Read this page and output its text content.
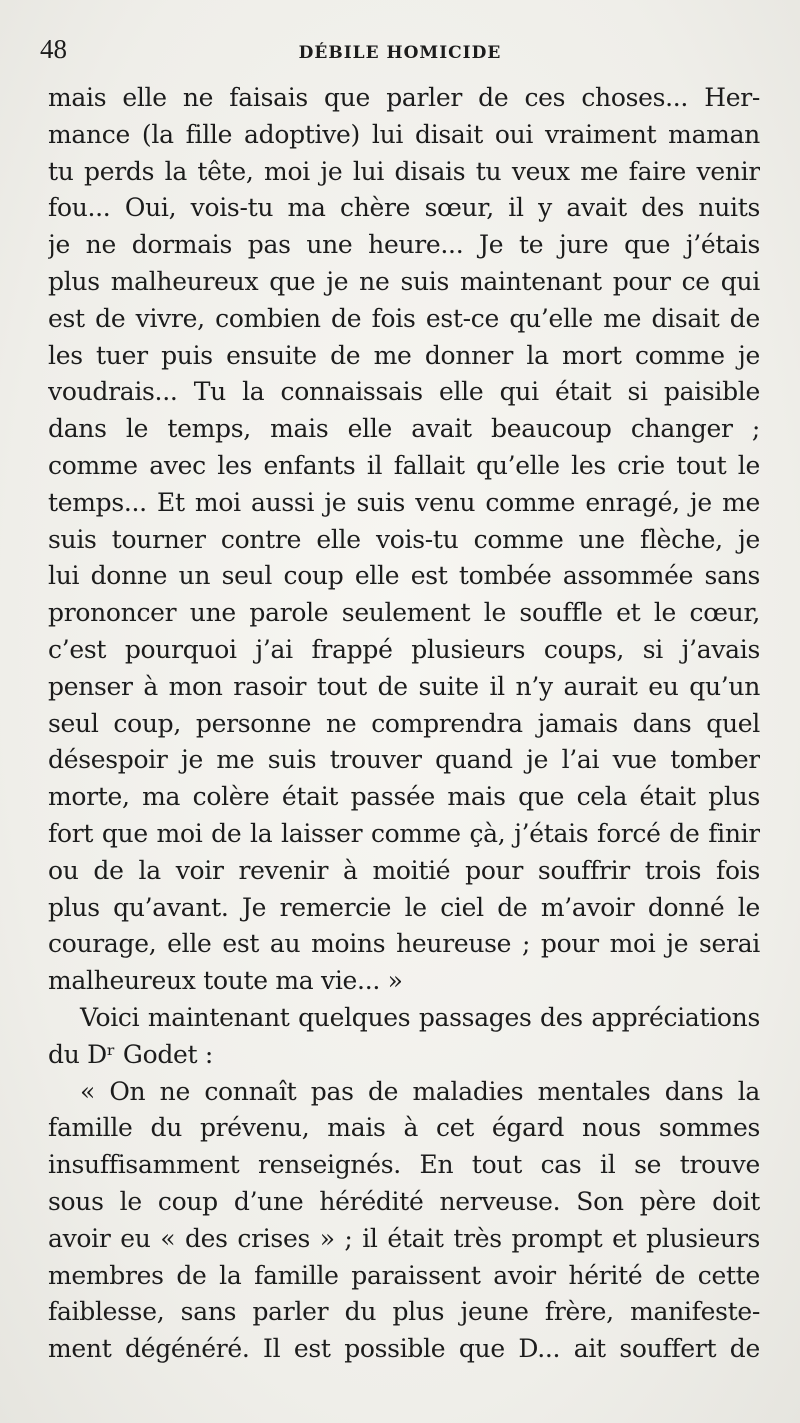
48	DÉBILE HOMICIDE
mais elle ne faisais que parler de ces choses... Her-
mance (la fille adoptive) lui disait oui vraiment maman
tu perds la tête, moi je lui disais tu veux me faire venir
fou... Oui, vois-tu ma chère sœur, il y avait des nuits
je ne dormais pas une heure... Je te jure que j’étais
plus malheureux que je ne suis maintenant pour ce qui
est de vivre, combien de fois est-ce qu’elle me disait de
les tuer puis ensuite de me donner la mort comme je
voudrais... Tu la connaissais elle qui était si paisible
dans le temps, mais elle avait beaucoup changer ;
comme avec les enfants il fallait qu’elle les crie tout le
temps... Et moi aussi je suis venu comme enragé, je me
suis tourner contre elle vois-tu comme une flèche, je
lui donne un seul coup elle est tombée assommée sans
prononcer une parole seulement le souffle et le cœur,
c’est pourquoi j’ai frappé plusieurs coups, si j’avais
penser à mon rasoir tout de suite il n’y aurait eu qu’un
seul coup, personne ne comprendra jamais dans quel
désespoir je me suis trouver quand je l’ai vue tomber
morte, ma colère était passée mais que cela était plus
fort que moi de la laisser comme çà, j’étais forcé de finir
ou de la voir revenir à moitié pour souffrir trois fois
plus qu’avant. Je remercie le ciel de m’avoir donné le
courage, elle est au moins heureuse ; pour moi je serai
malheureux toute ma vie... »
Voici maintenant quelques passages des appréciations
du Dʳ Godet :
« On ne connaît pas de maladies mentales dans la
famille du prévenu, mais à cet égard nous sommes
insuffisamment renseignés. En tout cas il se trouve
sous le coup d’une hérédité nerveuse. Son père doit
avoir eu « des crises » ; il était très prompt et plusieurs
membres de la famille paraissent avoir hérité de cette
faiblesse, sans parler du plus jeune frère, manifeste-
ment dégénéré. Il est possible que D... ait souffert de
